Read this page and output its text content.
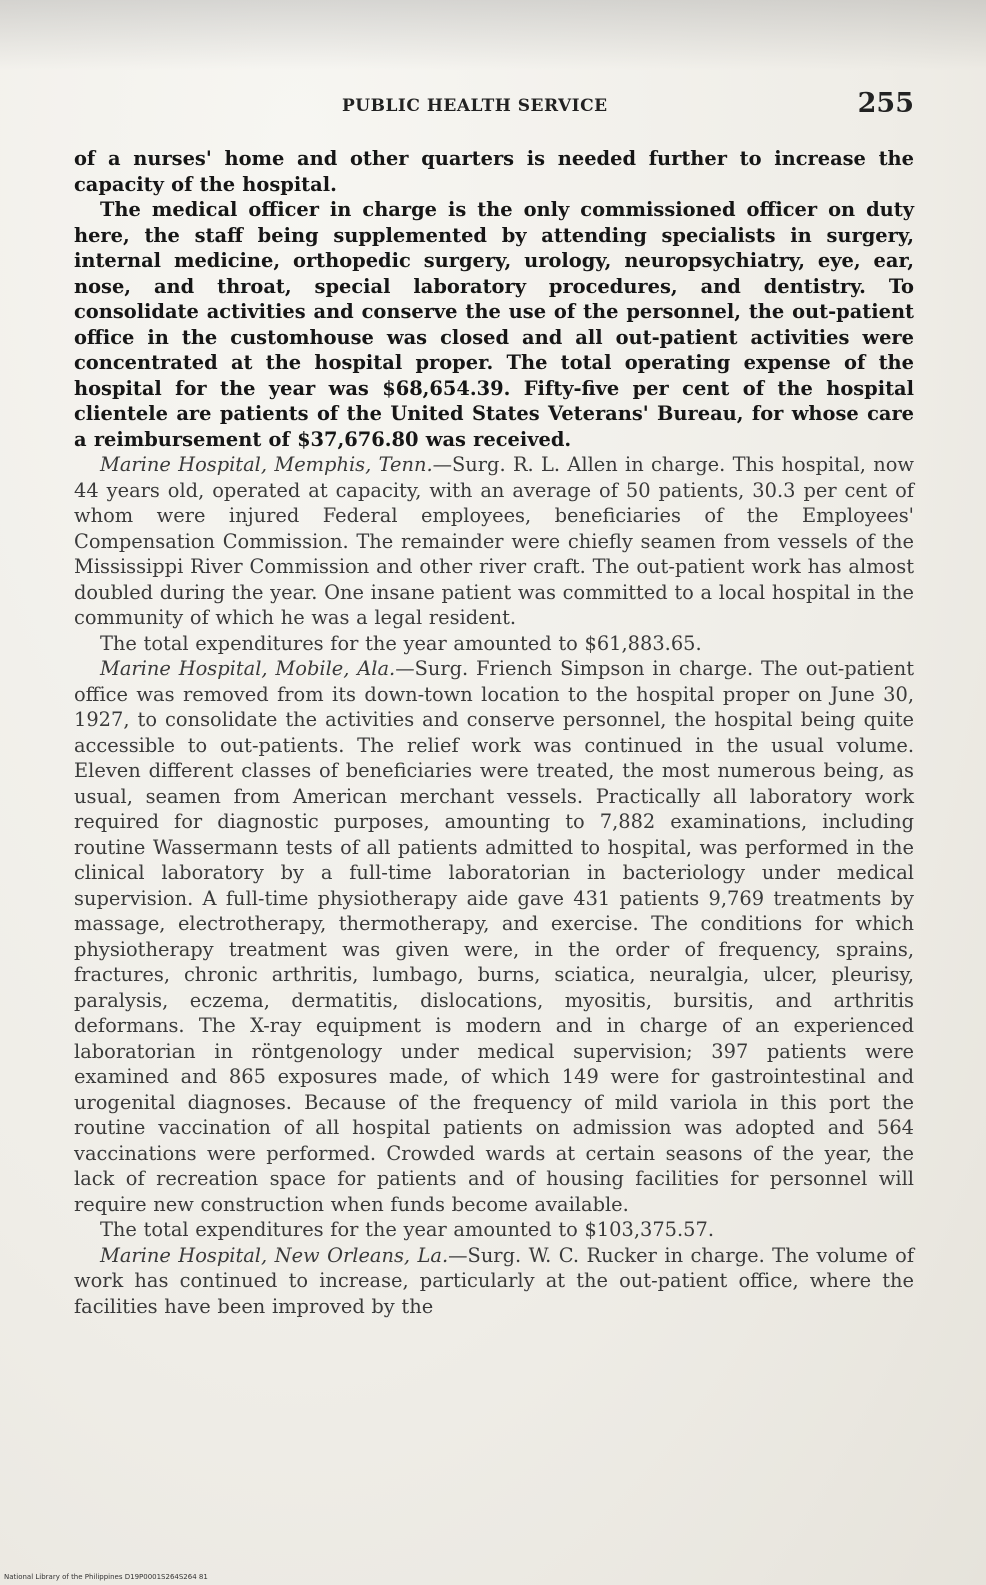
PUBLIC HEALTH SERVICE	255

of a nurses' home and other quarters is needed further to increase the capacity of the hospital.

The medical officer in charge is the only commissioned officer on duty here, the staff being supplemented by attending specialists in surgery, internal medicine, orthopedic surgery, urology, neuropsychiatry, eye, ear, nose, and throat, special laboratory procedures, and dentistry. To consolidate activities and conserve the use of the personnel, the out-patient office in the customhouse was closed and all out-patient activities were concentrated at the hospital proper. The total operating expense of the hospital for the year was $68,654.39. Fifty-five per cent of the hospital clientele are patients of the United States Veterans' Bureau, for whose care a reimbursement of $37,676.80 was received.

Marine Hospital, Memphis, Tenn.—Surg. R. L. Allen in charge. This hospital, now 44 years old, operated at capacity, with an average of 50 patients, 30.3 per cent of whom were injured Federal employees, beneficiaries of the Employees' Compensation Commission. The remainder were chiefly seamen from vessels of the Mississippi River Commission and other river craft. The out-patient work has almost doubled during the year. One insane patient was committed to a local hospital in the community of which he was a legal resident.

The total expenditures for the year amounted to $61,883.65.

Marine Hospital, Mobile, Ala.—Surg. Friench Simpson in charge. The out-patient office was removed from its down-town location to the hospital proper on June 30, 1927, to consolidate the activities and conserve personnel, the hospital being quite accessible to out-patients. The relief work was continued in the usual volume. Eleven different classes of beneficiaries were treated, the most numerous being, as usual, seamen from American merchant vessels. Practically all laboratory work required for diagnostic purposes, amounting to 7,882 examinations, including routine Wassermann tests of all patients admitted to hospital, was performed in the clinical laboratory by a full-time laboratorian in bacteriology under medical supervision. A full-time physiotherapy aide gave 431 patients 9,769 treatments by massage, electrotherapy, thermotherapy, and exercise. The conditions for which physiotherapy treatment was given were, in the order of frequency, sprains, fractures, chronic arthritis, lumbago, burns, sciatica, neuralgia, ulcer, pleurisy, paralysis, eczema, dermatitis, dislocations, myositis, bursitis, and arthritis deformans. The X-ray equipment is modern and in charge of an experienced laboratorian in röntgenology under medical supervision; 397 patients were examined and 865 exposures made, of which 149 were for gastrointestinal and urogenital diagnoses. Because of the frequency of mild variola in this port the routine vaccination of all hospital patients on admission was adopted and 564 vaccinations were performed. Crowded wards at certain seasons of the year, the lack of recreation space for patients and of housing facilities for personnel will require new construction when funds become available.

The total expenditures for the year amounted to $103,375.57.

Marine Hospital, New Orleans, La.—Surg. W. C. Rucker in charge. The volume of work has continued to increase, particularly at the out-patient office, where the facilities have been improved by the

National Library of the Philippines D19P0001S264S264 81
